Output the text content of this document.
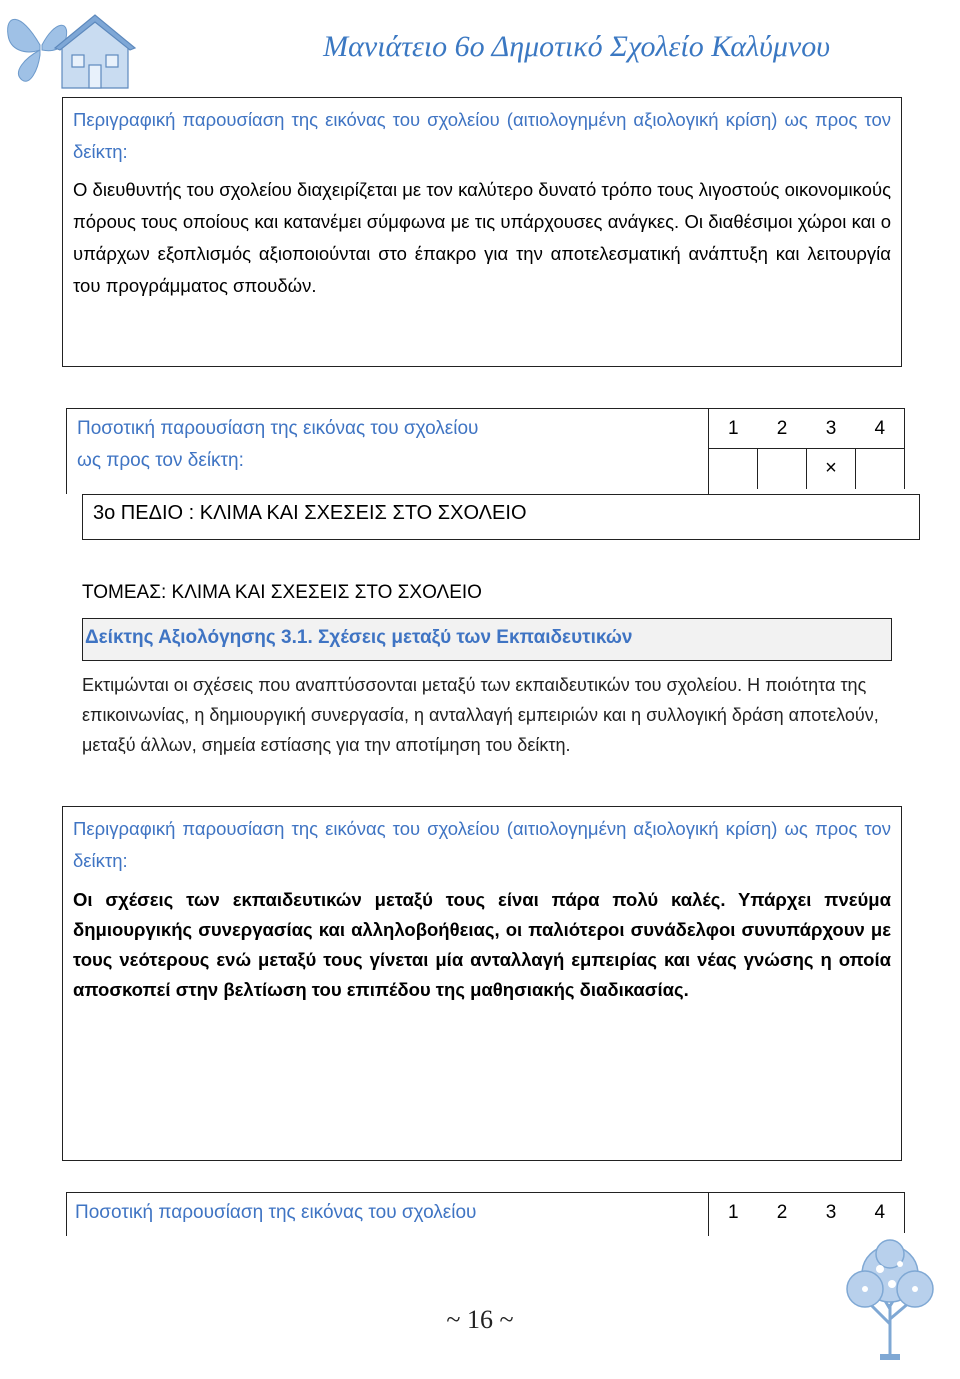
Μανιάτειο 6ο Δημοτικό Σχολείο Καλύμνου
Περιγραφική παρουσίαση της εικόνας του σχολείου (αιτιολογημένη αξιολογική κρίση) ως προς τον δείκτη:
Ο διευθυντής του σχολείου διαχειρίζεται με τον καλύτερο δυνατό τρόπο τους λιγοστούς οικονομικούς πόρους τους οποίους και κατανέμει σύμφωνα με τις υπάρχουσες ανάγκες. Οι διαθέσιμοι χώροι και ο υπάρχων εξοπλισμός αξιοποιούνται στο έπακρο για την αποτελεσματική ανάπτυξη και λειτουργία του προγράμματος σπουδών.
Ποσοτική παρουσίαση της εικόνας του σχολείου
ως προς τον δείκτη:
1	2	3	4
		×	
3ο ΠΕΔΙΟ : ΚΛΙΜΑ ΚΑΙ ΣΧΕΣΕΙΣ ΣΤΟ ΣΧΟΛΕΙΟ
ΤΟΜΕΑΣ: ΚΛΙΜΑ ΚΑΙ ΣΧΕΣΕΙΣ ΣΤΟ ΣΧΟΛΕΙΟ
Δείκτης Αξιολόγησης 3.1. Σχέσεις μεταξύ των Εκπαιδευτικών
Εκτιμώνται οι σχέσεις που αναπτύσσονται μεταξύ των εκπαιδευτικών του σχολείου. Η ποιότητα της επικοινωνίας, η δημιουργική συνεργασία, η ανταλλαγή εμπειριών και η συλλογική δράση αποτελούν, μεταξύ άλλων, σημεία εστίασης για την αποτίμηση του δείκτη.
Περιγραφική παρουσίαση της εικόνας του σχολείου (αιτιολογημένη αξιολογική κρίση) ως προς τον δείκτη:
Οι σχέσεις των εκπαιδευτικών μεταξύ τους είναι πάρα πολύ καλές. Υπάρχει πνεύμα δημιουργικής συνεργασίας και αλληλοβοήθειας, οι παλιότεροι συνάδελφοι συνυπάρχουν με τους νεότερους ενώ μεταξύ τους γίνεται μία ανταλλαγή εμπειρίας και νέας γνώσης η οποία αποσκοπεί στην βελτίωση του επιπέδου της μαθησιακής διαδικασίας.
Ποσοτική παρουσίαση της εικόνας του σχολείου	1	2	3	4
~ 16 ~
